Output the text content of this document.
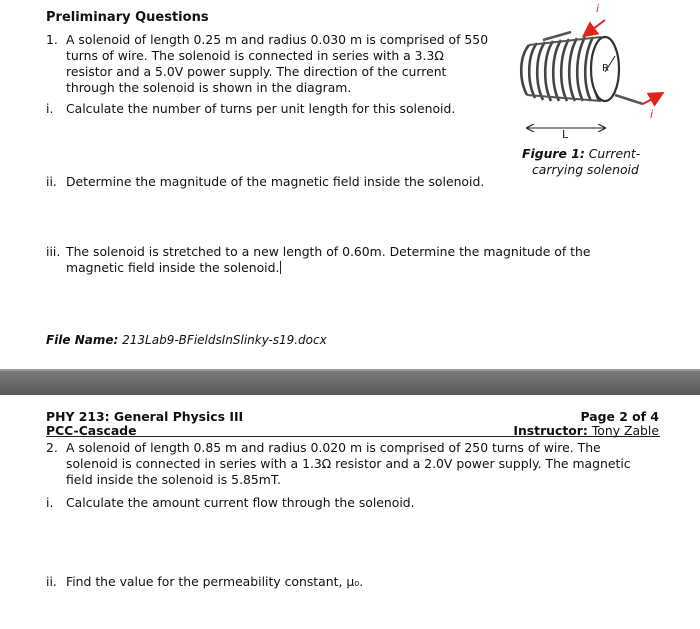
Preliminary Questions
1. A solenoid of length 0.25 m and radius 0.030 m is comprised of 550
turns of wire. The solenoid is connected in series with a 3.3Ω
resistor and a 5.0V power supply. The direction of the current
through the solenoid is shown in the diagram.
i. Calculate the number of turns per unit length for this solenoid.
ii. Determine the magnitude of the magnetic field inside the solenoid.
iii. The solenoid is stretched to a new length of 0.60m. Determine the magnitude of the
magnetic field inside the solenoid.
i
R
i
L
Figure 1: Current-
carrying solenoid
File Name: 213Lab9-BFieldsInSlinky-s19.docx
PHY 213: General Physics III
PCC-Cascade
Page 2 of 4
Instructor: Tony Zable
2. A solenoid of length 0.85 m and radius 0.020 m is comprised of 250 turns of wire. The
solenoid is connected in series with a 1.3Ω resistor and a 2.0V power supply. The magnetic
field inside the solenoid is 5.85mT.
i. Calculate the amount current flow through the solenoid.
ii. Find the value for the permeability constant, μ₀.
